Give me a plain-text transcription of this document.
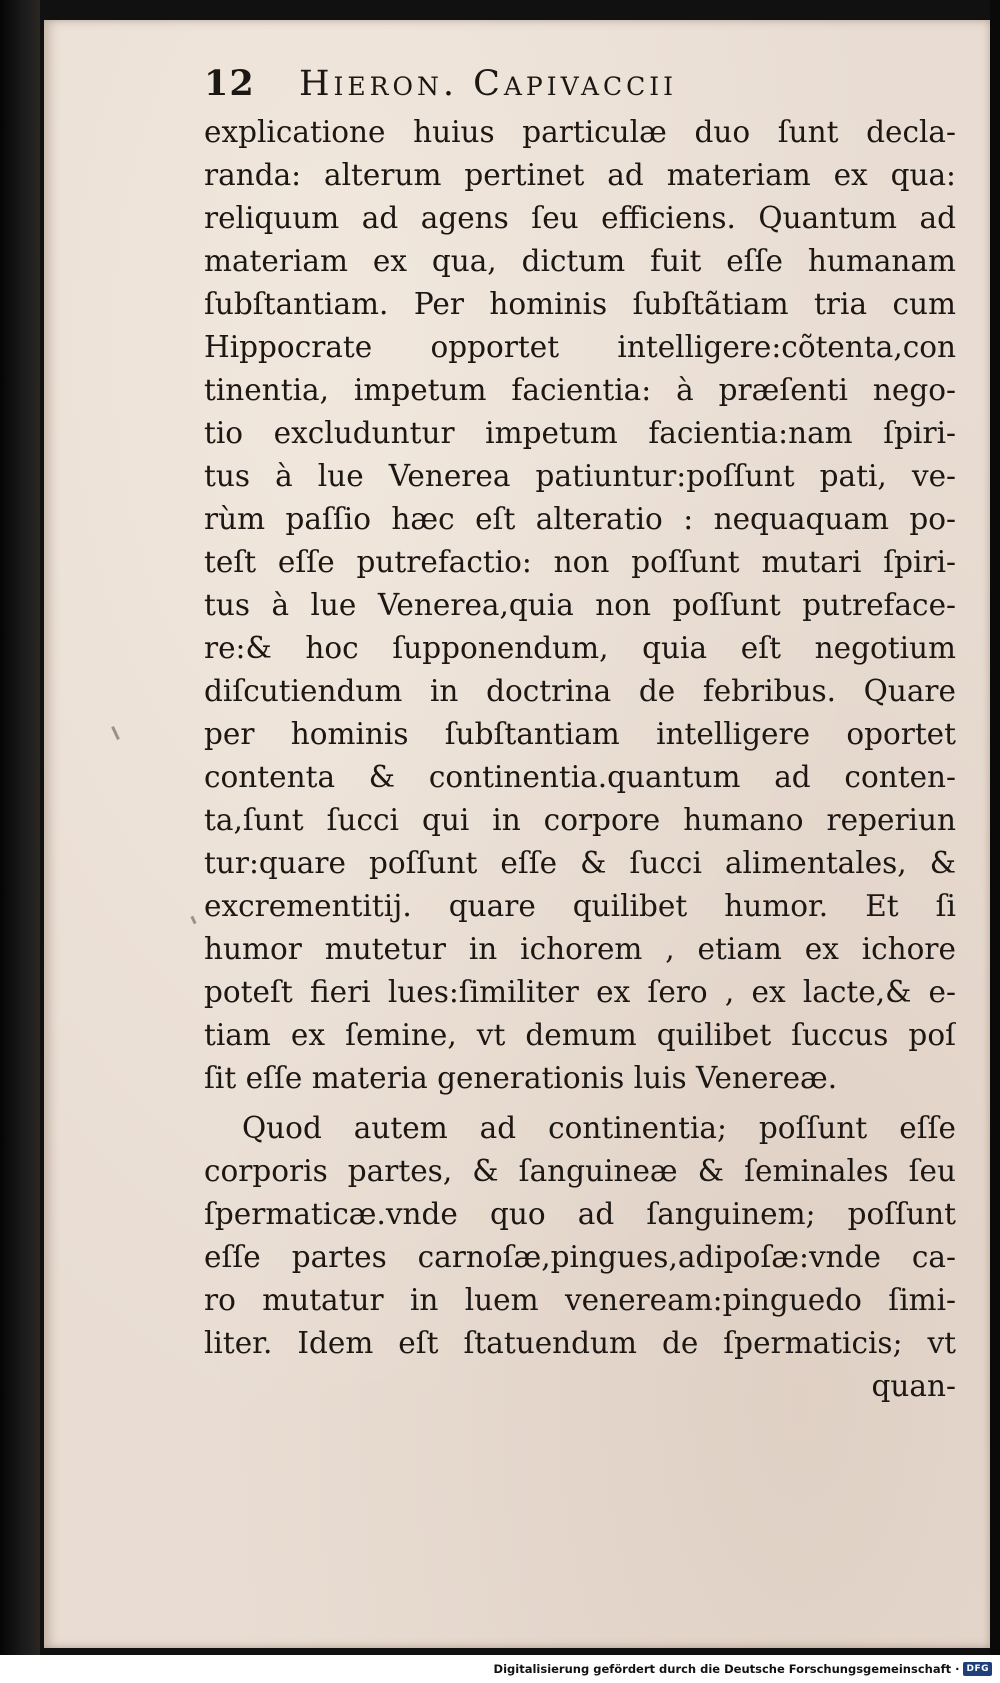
12	Hieron. Capivaccii
explicatione huius particulæ duo ſunt decla-
randa: alterum pertinet ad materiam ex qua:
reliquum ad agens ſeu efficiens. Quantum ad
materiam ex qua, dictum fuit eſſe humanam
ſubſtantiam. Per hominis ſubſtãtiam tria cum
Hippocrate opportet intelligere:cõtenta,con
tinentia, impetum facientia: à præſenti nego-
tio excluduntur impetum facientia:nam ſpiri-
tus à lue Venerea patiuntur:poſſunt pati, ve-
rùm paſſio hæc eſt alteratio : nequaquam po-
teſt eſſe putrefactio: non poſſunt mutari ſpiri-
tus à lue Venerea,quia non poſſunt putreface-
re:& hoc ſupponendum, quia eſt negotium
diſcutiendum in doctrina de febribus. Quare
per hominis ſubſtantiam intelligere oportet
contenta & continentia.quantum ad conten-
ta,ſunt ſucci qui in corpore humano reperiun
tur:quare poſſunt eſſe & ſucci alimentales, &
excrementitij. quare quilibet humor. Et ſi
humor mutetur in ichorem , etiam ex ichore
poteſt fieri lues:ſimiliter ex ſero , ex lacte,& e-
tiam ex ſemine, vt demum quilibet ſuccus poſ
ſit eſſe materia generationis luis Venereæ.
Quod autem ad continentia; poſſunt eſſe
corporis partes, & ſanguineæ & ſeminales ſeu
ſpermaticæ.vnde quo ad ſanguinem; poſſunt
eſſe partes carnoſæ,pingues,adipoſæ:vnde ca-
ro mutatur in luem veneream:pinguedo ſimi-
liter. Idem eſt ſtatuendum de ſpermaticis; vt
quan-
Digitalisierung gefördert durch die Deutsche Forschungsgemeinschaft · DFG
